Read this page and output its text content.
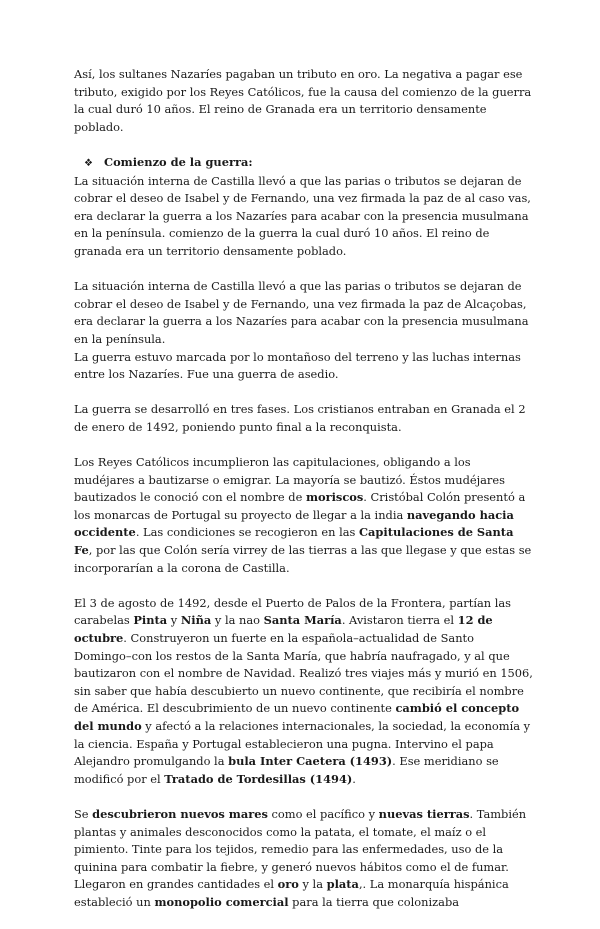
Así, los sultanes Nazaríes pagaban un tributo en oro. La negativa a pagar ese tributo, exigido por los Reyes Católicos, fue la causa del comienzo de la guerra la cual duró 10 años. El reino de Granada era un territorio densamente poblado.

❖ Comienzo de la guerra:

La situación interna de Castilla llevó a que las parias o tributos se dejaran de cobrar el deseo de Isabel y de Fernando, una vez firmada la paz de al caso vas, era declarar la guerra a los Nazaríes para acabar con la presencia musulmana en la península. comienzo de la guerra la cual duró 10 años. El reino de granada era un territorio densamente poblado.

La situación interna de Castilla llevó a que las parias o tributos se dejaran de cobrar el deseo de Isabel y de Fernando, una vez firmada la paz de Alcaçobas, era declarar la guerra a los Nazaríes para acabar con la presencia musulmana en la península.

La guerra estuvo marcada por lo montañoso del terreno y las luchas internas entre los Nazaríes. Fue una guerra de asedio.

La guerra se desarrolló en tres fases. Los cristianos entraban en Granada el 2 de enero de 1492, poniendo punto final a la reconquista.

Los Reyes Católicos incumplieron las capitulaciones, obligando a los mudéjares a bautizarse o emigrar. La mayoría se bautizó. Éstos mudéjares bautizados le conoció con el nombre de moriscos. Cristóbal Colón presentó a los monarcas de Portugal su proyecto de llegar a la india navegando hacia occidente. Las condiciones se recogieron en las Capitulaciones de Santa Fe, por las que Colón sería virrey de las tierras a las que llegase y que estas se incorporarían a la corona de Castilla.

El 3 de agosto de 1492, desde el Puerto de Palos de la Frontera, partían las carabelas Pinta y Niña y la nao Santa María. Avistaron tierra el 12 de octubre. Construyeron un fuerte en la española–actualidad de Santo Domingo–con los restos de la Santa María, que habría naufragado, y al que bautizaron con el nombre de Navidad. Realizó tres viajes más y murió en 1506, sin saber que había descubierto un nuevo continente, que recibiría el nombre de América. El descubrimiento de un nuevo continente cambió el concepto del mundo y afectó a la relaciones internacionales, la sociedad, la economía y la ciencia. España y Portugal establecieron una pugna. Intervino el papa Alejandro promulgando la bula Inter Caetera (1493). Ese meridiano se modificó por el Tratado de Tordesillas (1494).

Se descubrieron nuevos mares como el pacífico y nuevas tierras. También plantas y animales desconocidos como la patata, el tomate, el maíz o el pimiento. Tinte para los tejidos, remedio para las enfermedades, uso de la quinina para combatir la fiebre, y generó nuevos hábitos como el de fumar. Llegaron en grandes cantidades el oro y la plata,. La monarquía hispánica estableció un monopolio comercial para la tierra que colonizaba
